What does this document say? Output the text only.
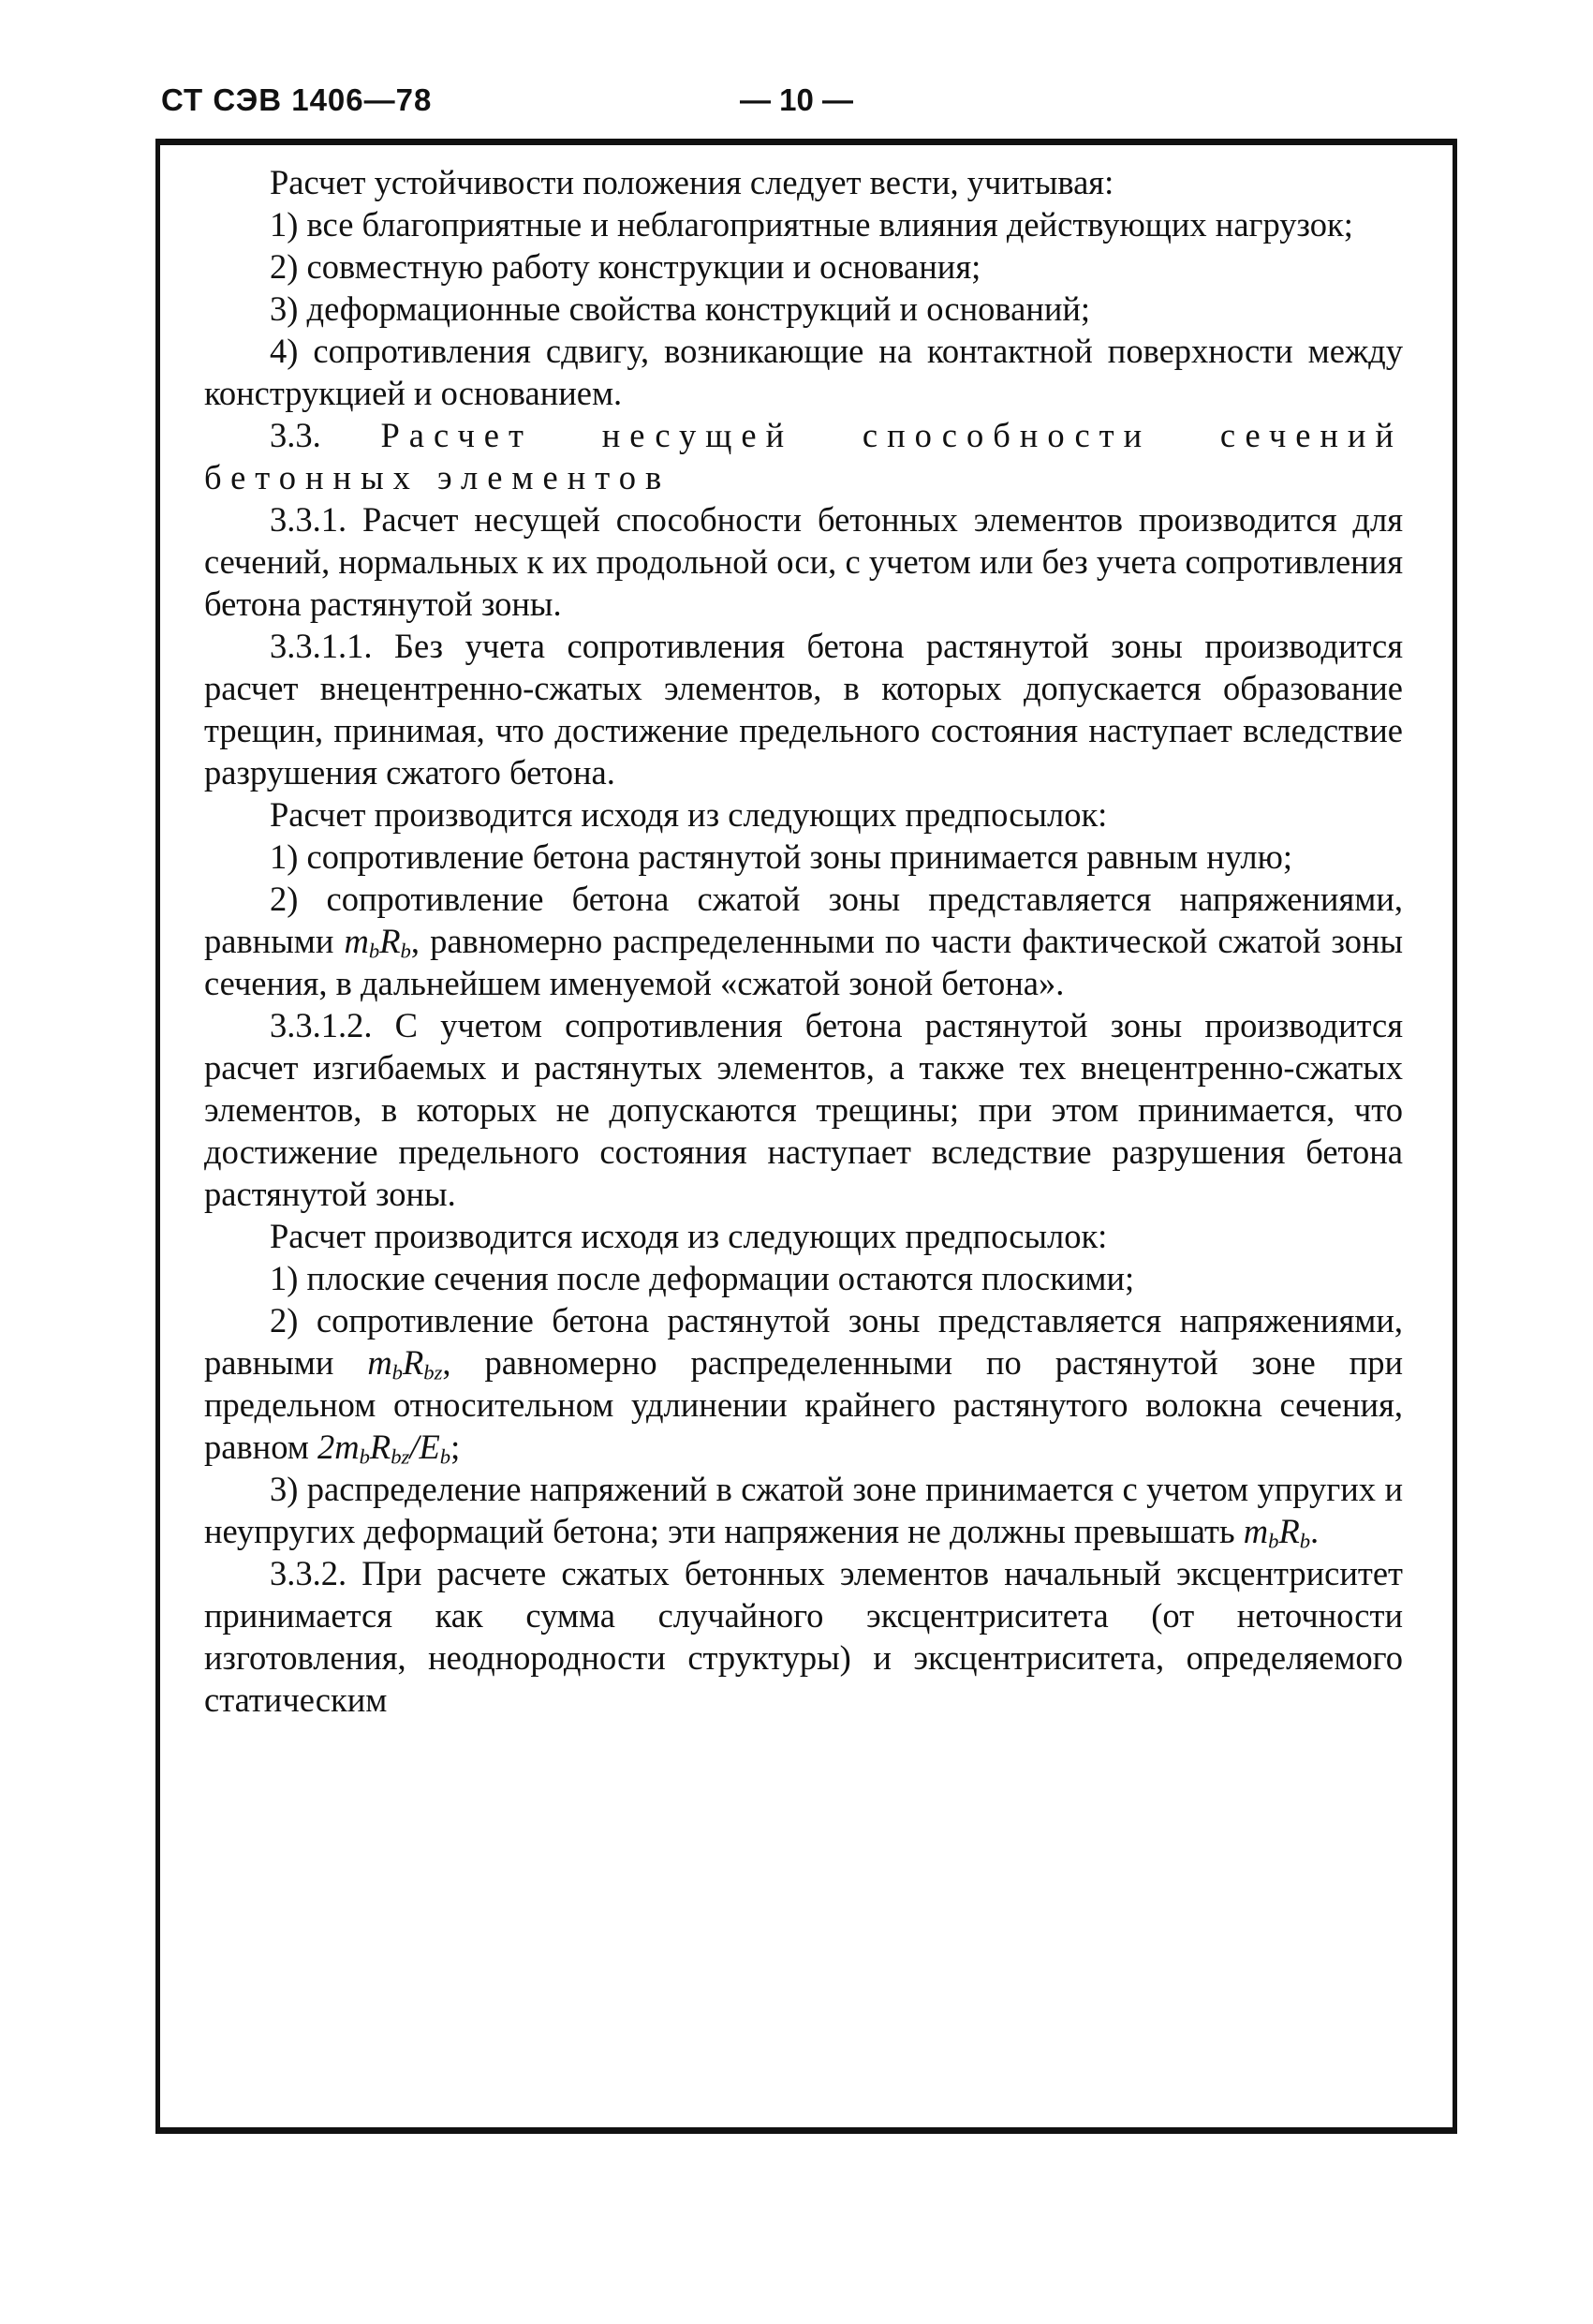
СТ СЭВ 1406—78	— 10 —

Расчет устойчивости положения следует вести, учитывая:

1) все благоприятные и неблагоприятные влияния действующих нагрузок;

2) совместную работу конструкции и основания;

3) деформационные свойства конструкций и оснований;

4) сопротивления сдвигу, возникающие на контактной поверхности между конструкцией и основанием.

3.3. Расчет несущей способности сечений бетонных элементов

3.3.1. Расчет несущей способности бетонных элементов производится для сечений, нормальных к их продольной оси, с учетом или без учета сопротивления бетона растянутой зоны.

3.3.1.1. Без учета сопротивления бетона растянутой зоны производится расчет внецентренно-сжатых элементов, в которых допускается образование трещин, принимая, что достижение предельного состояния наступает вследствие разрушения сжатого бетона.

Расчет производится исходя из следующих предпосылок:

1) сопротивление бетона растянутой зоны принимается равным нулю;

2) сопротивление бетона сжатой зоны представляется напряжениями, равными $m_bR_b$, равномерно распределенными по части фактической сжатой зоны сечения, в дальнейшем именуемой «сжатой зоной бетона».

3.3.1.2. С учетом сопротивления бетона растянутой зоны производится расчет изгибаемых и растянутых элементов, а также тех внецентренно-сжатых элементов, в которых не допускаются трещины; при этом принимается, что достижение предельного состояния наступает вследствие разрушения бетона растянутой зоны.

Расчет производится исходя из следующих предпосылок:

1) плоские сечения после деформации остаются плоскими;

2) сопротивление бетона растянутой зоны представляется напряжениями, равными $m_bR_{bz}$, равномерно распределенными по растянутой зоне при предельном относительном удлинении крайнего растянутого волокна сечения, равном $2m_bR_{bz}/E_b$;

3) распределение напряжений в сжатой зоне принимается с учетом упругих и неупругих деформаций бетона; эти напряжения не должны превышать $m_bR_b$.

3.3.2. При расчете сжатых бетонных элементов начальный эксцентриситет принимается как сумма случайного эксцентриситета (от неточности изготовления, неоднородности структуры) и эксцентриситета, определяемого статическим
